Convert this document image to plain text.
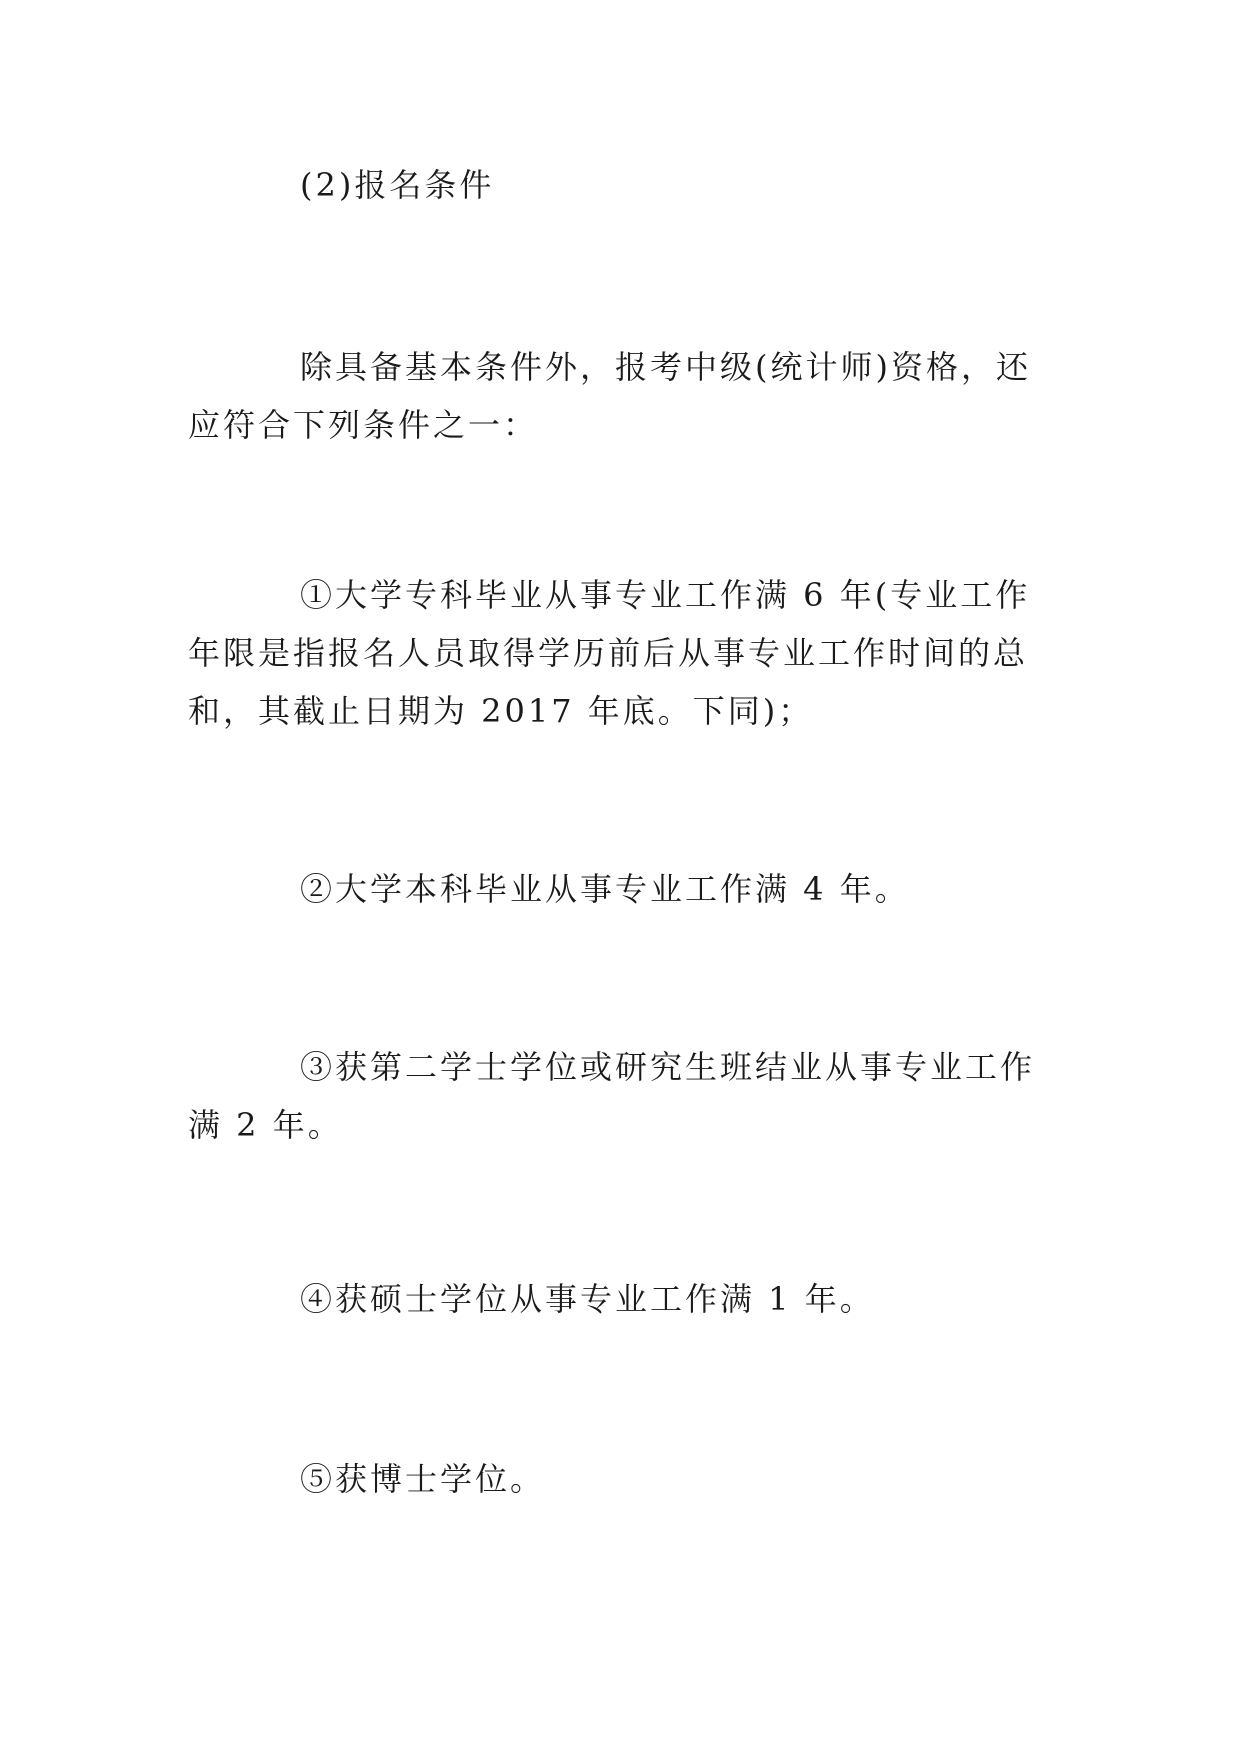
(2)报名条件

除具备基本条件外，报考中级(统计师)资格，还应符合下列条件之一：

①大学专科毕业从事专业工作满 6 年(专业工作年限是指报名人员取得学历前后从事专业工作时间的总和，其截止日期为 2017 年底。下同)；

②大学本科毕业从事专业工作满 4 年。

③获第二学士学位或研究生班结业从事专业工作满 2 年。

④获硕士学位从事专业工作满 1 年。

⑤获博士学位。
